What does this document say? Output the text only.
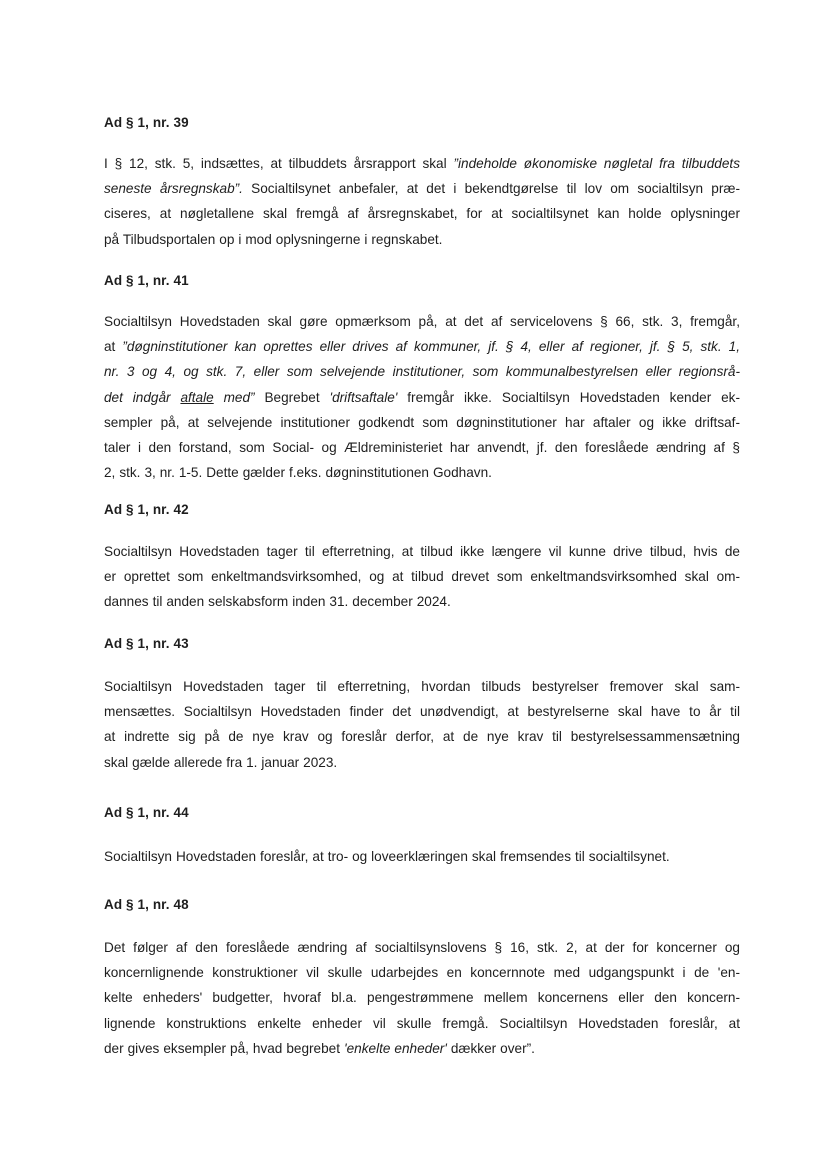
Ad § 1, nr. 39

I § 12, stk. 5, indsættes, at tilbuddets årsrapport skal ”indeholde økonomiske nøgletal fra tilbuddets
seneste årsregnskab”. Socialtilsynet anbefaler, at det i bekendtgørelse til lov om socialtilsyn præ-
ciseres, at nøgletallene skal fremgå af årsregnskabet, for at socialtilsynet kan holde oplysninger
på Tilbudsportalen op i mod oplysningerne i regnskabet.

Ad § 1, nr. 41

Socialtilsyn Hovedstaden skal gøre opmærksom på, at det af servicelovens § 66, stk. 3, fremgår,
at ”døgninstitutioner kan oprettes eller drives af kommuner, jf. § 4, eller af regioner, jf. § 5, stk. 1,
nr. 3 og 4, og stk. 7, eller som selvejende institutioner, som kommunalbestyrelsen eller regionsrå-
det indgår aftale med” Begrebet 'driftsaftale' fremgår ikke. Socialtilsyn Hovedstaden kender ek-
sempler på, at selvejende institutioner godkendt som døgninstitutioner har aftaler og ikke driftsaf-
taler i den forstand, som Social- og Ældreministeriet har anvendt, jf. den foreslåede ændring af §
2, stk. 3, nr. 1-5. Dette gælder f.eks. døgninstitutionen Godhavn.

Ad § 1, nr. 42

Socialtilsyn Hovedstaden tager til efterretning, at tilbud ikke længere vil kunne drive tilbud, hvis de
er oprettet som enkeltmandsvirksomhed, og at tilbud drevet som enkeltmandsvirksomhed skal om-
dannes til anden selskabsform inden 31. december 2024.

Ad § 1, nr. 43

Socialtilsyn Hovedstaden tager til efterretning, hvordan tilbuds bestyrelser fremover skal sam-
mensættes. Socialtilsyn Hovedstaden finder det unødvendigt, at bestyrelserne skal have to år til
at indrette sig på de nye krav og foreslår derfor, at de nye krav til bestyrelsessammensætning
skal gælde allerede fra 1. januar 2023.

Ad § 1, nr. 44

Socialtilsyn Hovedstaden foreslår, at tro- og loveerklæringen skal fremsendes til socialtilsynet.

Ad § 1, nr. 48

Det følger af den foreslåede ændring af socialtilsynslovens § 16, stk. 2, at der for koncerner og
koncernlignende konstruktioner vil skulle udarbejdes en koncernnote med udgangspunkt i de 'en-
kelte enheders' budgetter, hvoraf bl.a. pengestrømmene mellem koncernens eller den koncern-
lignende konstruktions enkelte enheder vil skulle fremgå. Socialtilsyn Hovedstaden foreslår, at
der gives eksempler på, hvad begrebet 'enkelte enheder' dækker over”.
